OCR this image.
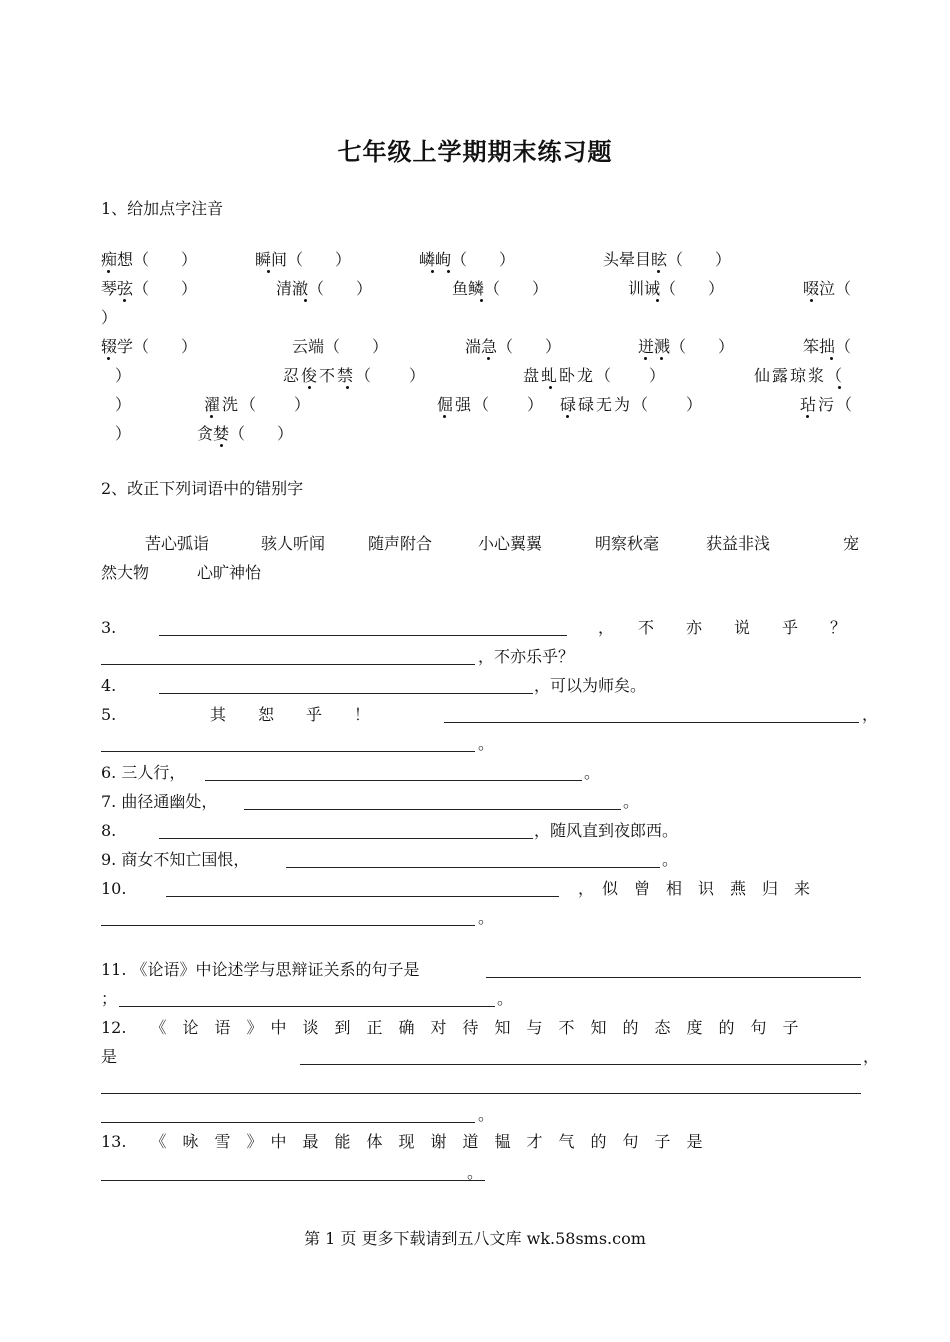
七年级上学期期末练习题
1、给加点字注音
痴想（　　）	瞬间（　　）	嶙峋（　　）	头晕目眩（　　）
琴弦（　　）	清澈（　　）	鱼鳞（　　）	训诫（　　）	啜泣（
）
辍学（　　）	云端（　　）	湍急（　　）	迸溅（　　）	笨拙（
）	忍俊不禁（　　）	盘虬卧龙（　　）	仙露琼浆（
）	濯洗（　　）	倔强（　　） 碌碌无为（　　）	玷污（
）	贪婪（　　）
2、改正下列词语中的错别字
苦心弧诣	骇人听闻	随声附合	小心翼翼	明察秋毫	获益非浅	宠
然大物	心旷神怡
3.	，　　不　　亦　　说　　乎　　？
，不亦乐乎？
4.	，可以为师矣。
5.	其　　恕　　乎　　！	，
。
6. 三人行，	。
7. 曲径通幽处，	。
8.	，随风直到夜郎西。
9. 商女不知亡国恨，	。
10.	，　似　曾　相　识　燕　归　来
。
11. 《论语》中论述学与思辩证关系的句子是
；	。
12.　　《　论　语　》　中　谈　到　正　确　对　待　知　与　不　知　的　态　度　的　句　子
是	，
。
13.　　《　咏　雪　》　中　最　能　体　现　谢　道　韫　才　气　的　句　子　是
。
第 1 页 更多下载请到五八文库 wk.58sms.com
